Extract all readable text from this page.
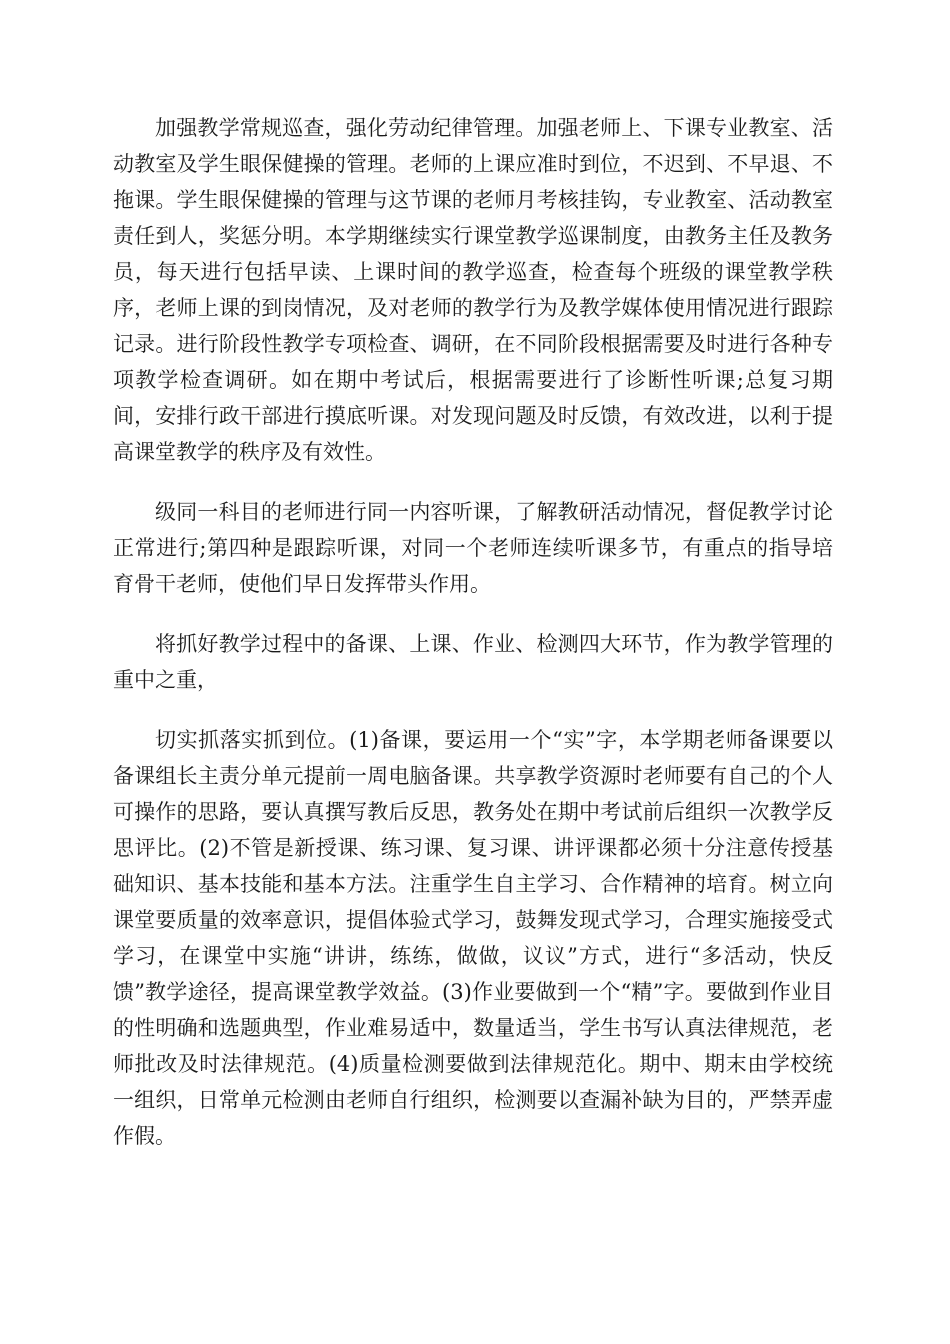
加强教学常规巡查，强化劳动纪律管理。加强老师上、下课专业教室、活动教室及学生眼保健操的管理。老师的上课应准时到位，不迟到、不早退、不拖课。学生眼保健操的管理与这节课的老师月考核挂钩，专业教室、活动教室责任到人，奖惩分明。本学期继续实行课堂教学巡课制度，由教务主任及教务员，每天进行包括早读、上课时间的教学巡查，检查每个班级的课堂教学秩序，老师上课的到岗情况，及对老师的教学行为及教学媒体使用情况进行跟踪记录。进行阶段性教学专项检查、调研，在不同阶段根据需要及时进行各种专项教学检查调研。如在期中考试后，根据需要进行了诊断性听课;总复习期间，安排行政干部进行摸底听课。对发现问题及时反馈，有效改进，以利于提高课堂教学的秩序及有效性。

级同一科目的老师进行同一内容听课，了解教研活动情况，督促教学讨论正常进行;第四种是跟踪听课，对同一个老师连续听课多节，有重点的指导培育骨干老师，使他们早日发挥带头作用。

将抓好教学过程中的备课、上课、作业、检测四大环节，作为教学管理的重中之重，

切实抓落实抓到位。(1)备课，要运用一个“实”字，本学期老师备课要以备课组长主责分单元提前一周电脑备课。共享教学资源时老师要有自己的个人可操作的思路，要认真撰写教后反思，教务处在期中考试前后组织一次教学反思评比。(2)不管是新授课、练习课、复习课、讲评课都必须十分注意传授基础知识、基本技能和基本方法。注重学生自主学习、合作精神的培育。树立向课堂要质量的效率意识，提倡体验式学习，鼓舞发现式学习，合理实施接受式学习，在课堂中实施“讲讲，练练，做做，议议”方式，进行“多活动，快反馈”教学途径，提高课堂教学效益。(3)作业要做到一个“精”字。要做到作业目的性明确和选题典型，作业难易适中，数量适当，学生书写认真法律规范，老师批改及时法律规范。(4)质量检测要做到法律规范化。期中、期末由学校统一组织，日常单元检测由老师自行组织，检测要以查漏补缺为目的，严禁弄虚作假。
